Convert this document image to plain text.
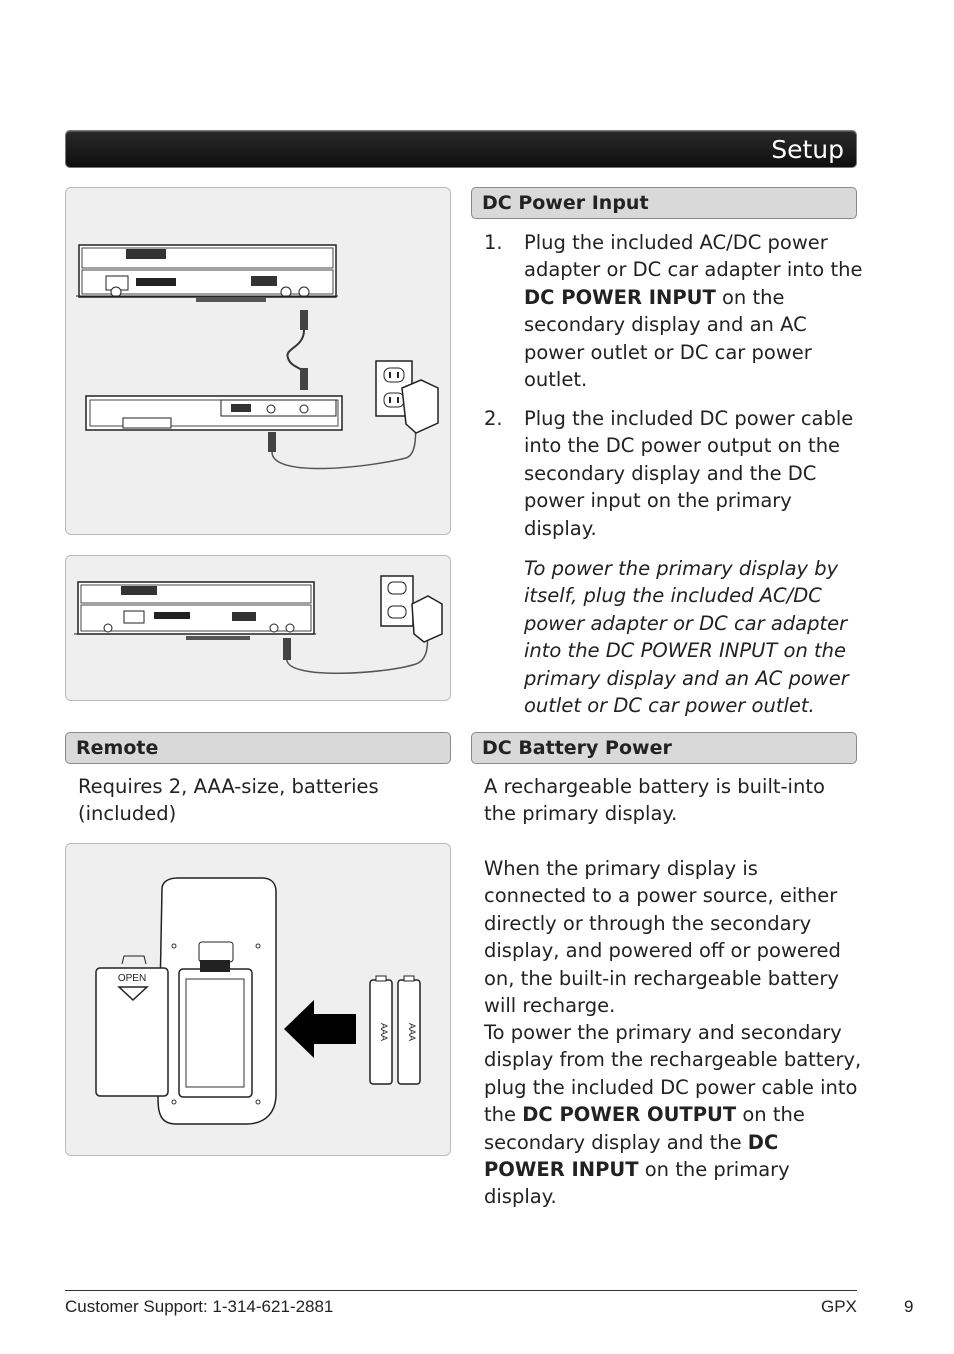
Setup
DC Power Input
1. Plug the included AC/DC power adapter or DC car adapter into the DC POWER INPUT on the secondary display and an AC power outlet or DC car power outlet.
2. Plug the included DC power cable into the DC power output on the secondary display and the DC power input on the primary display.
To power the primary display by itself, plug the included AC/DC power adapter or DC car adapter into the DC POWER INPUT on the primary display and an AC power outlet or DC car power outlet.
Remote
Requires 2, AAA-size, batteries (included)
OPEN
AAA AAA
DC Battery Power
A rechargeable battery is built-into the primary display.
When the primary display is connected to a power source, either directly or through the secondary display, and powered off or powered on, the built-in rechargeable battery will recharge.
To power the primary and secondary display from the rechargeable battery, plug the included DC power cable into the DC POWER OUTPUT on the secondary display and the DC POWER INPUT on the primary display.
Customer Support: 1-314-621-2881	GPX	9
